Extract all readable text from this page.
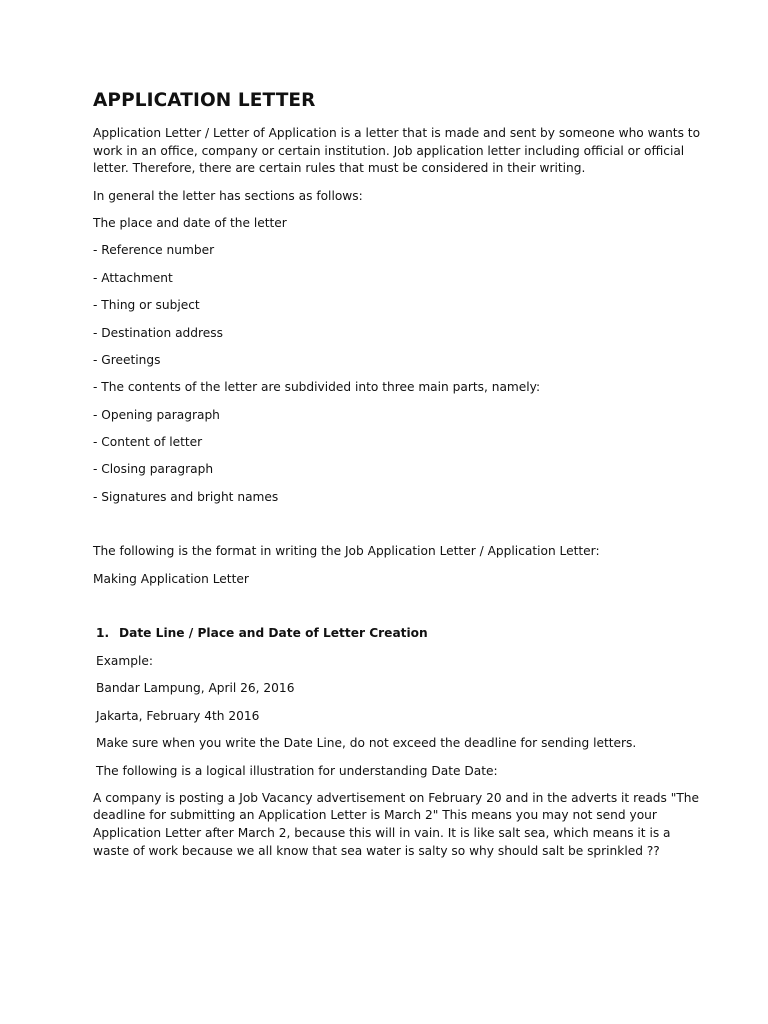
APPLICATION LETTER

Application Letter / Letter of Application is a letter that is made and sent by someone who wants to

work in an office, company or certain institution. Job application letter including official or official

letter. Therefore, there are certain rules that must be considered in their writing.

In general the letter has sections as follows:

The place and date of the letter

- Reference number

- Attachment

- Thing or subject

- Destination address

- Greetings

- The contents of the letter are subdivided into three main parts, namely:

- Opening paragraph

- Content of letter

- Closing paragraph

- Signatures and bright names

The following is the format in writing the Job Application Letter / Application Letter:

Making Application Letter

1. Date Line / Place and Date of Letter Creation

Example:

Bandar Lampung, April 26, 2016

Jakarta, February 4th 2016

Make sure when you write the Date Line, do not exceed the deadline for sending letters.

The following is a logical illustration for understanding Date Date:

A company is posting a Job Vacancy advertisement on February 20 and in the adverts it reads "The

deadline for submitting an Application Letter is March 2" This means you may not send your

Application Letter after March 2, because this will in vain. It is like salt sea, which means it is a

waste of work because we all know that sea water is salty so why should salt be sprinkled ??
